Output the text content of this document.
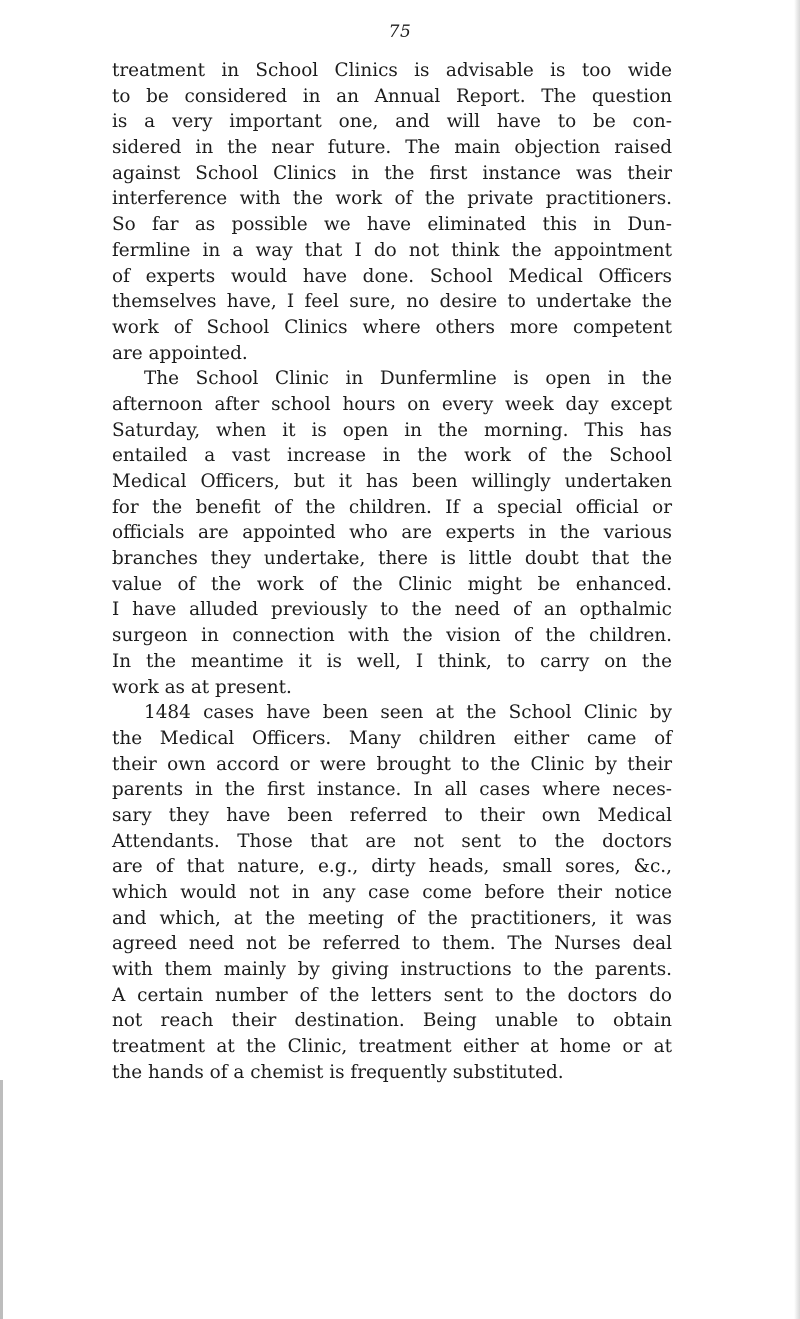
75
treatment in School Clinics is advisable is too wide
to be considered in an Annual Report. The question
is a very important one, and will have to be con-
sidered in the near future. The main objection raised
against School Clinics in the first instance was their
interference with the work of the private practitioners.
So far as possible we have eliminated this in Dun-
fermline in a way that I do not think the appointment
of experts would have done. School Medical Officers
themselves have, I feel sure, no desire to undertake the
work of School Clinics where others more competent
are appointed.
The School Clinic in Dunfermline is open in the
afternoon after school hours on every week day except
Saturday, when it is open in the morning. This has
entailed a vast increase in the work of the School
Medical Officers, but it has been willingly undertaken
for the benefit of the children. If a special official or
officials are appointed who are experts in the various
branches they undertake, there is little doubt that the
value of the work of the Clinic might be enhanced.
I have alluded previously to the need of an opthalmic
surgeon in connection with the vision of the children.
In the meantime it is well, I think, to carry on the
work as at present.
1484 cases have been seen at the School Clinic by
the Medical Officers. Many children either came of
their own accord or were brought to the Clinic by their
parents in the first instance. In all cases where neces-
sary they have been referred to their own Medical
Attendants. Those that are not sent to the doctors
are of that nature, e.g., dirty heads, small sores, &c.,
which would not in any case come before their notice
and which, at the meeting of the practitioners, it was
agreed need not be referred to them. The Nurses deal
with them mainly by giving instructions to the parents.
A certain number of the letters sent to the doctors do
not reach their destination. Being unable to obtain
treatment at the Clinic, treatment either at home or at
the hands of a chemist is frequently substituted.
